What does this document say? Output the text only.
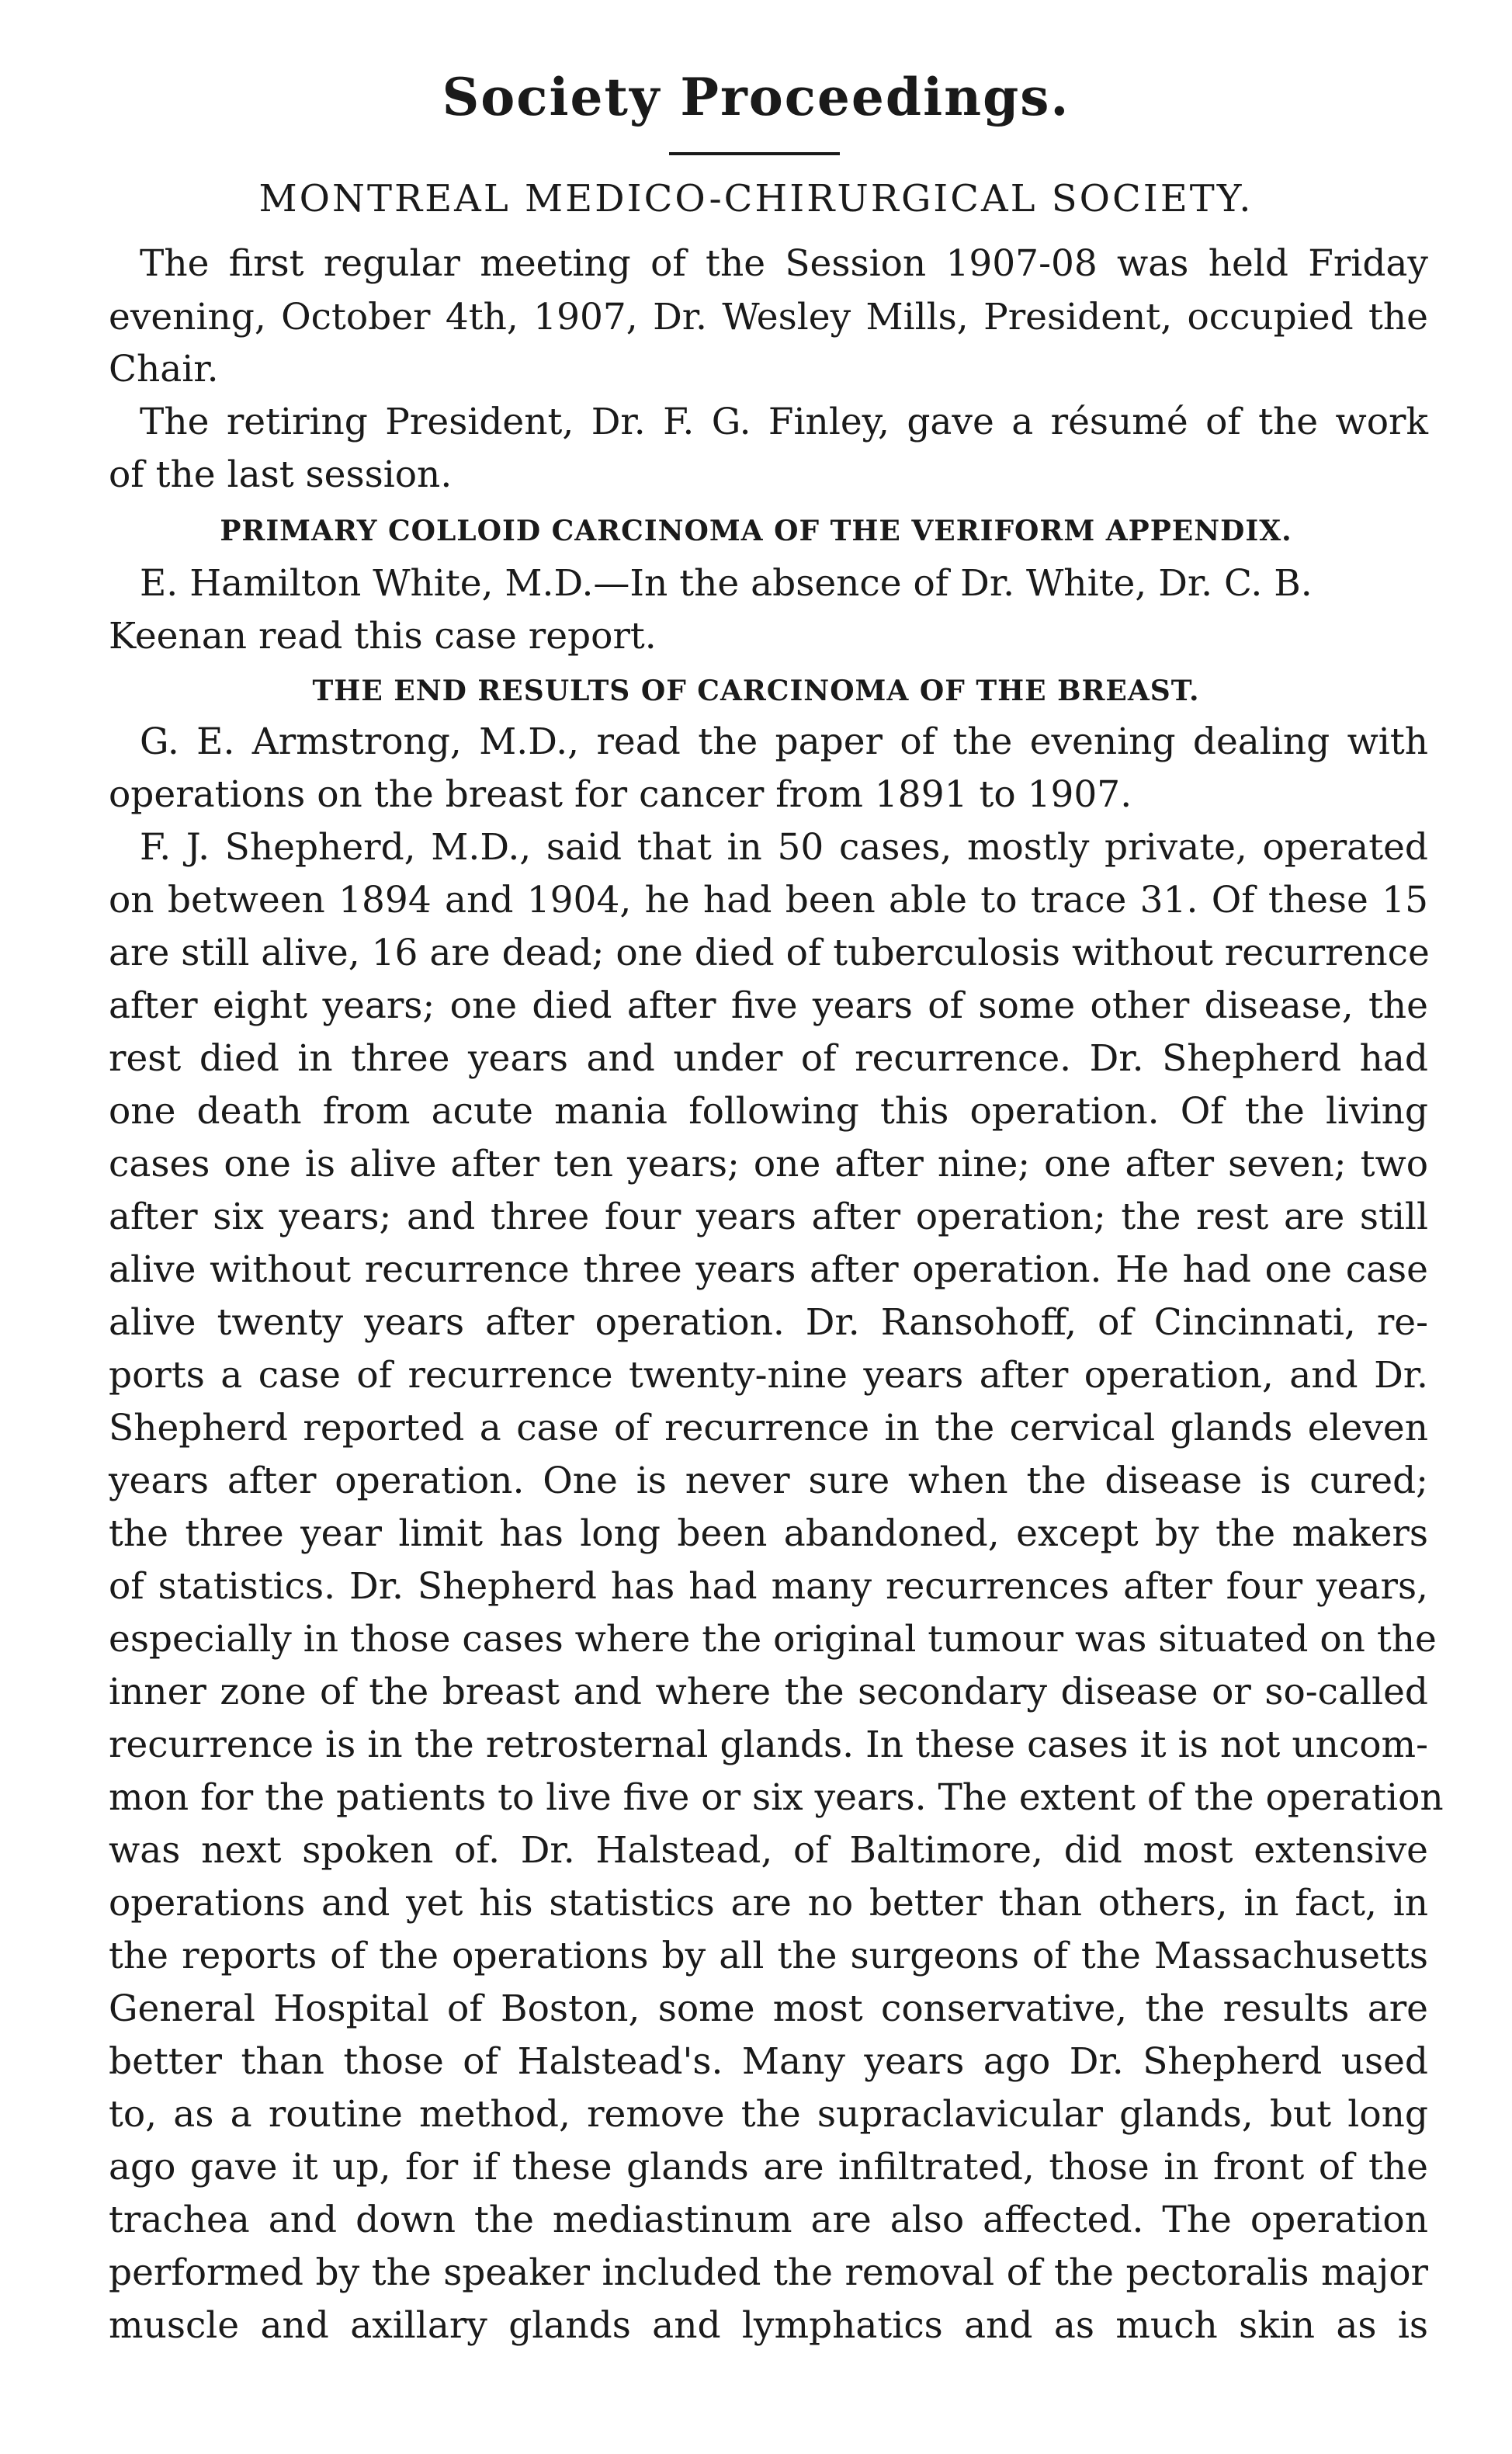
Society Proceedings.
MONTREAL MEDICO-CHIRURGICAL SOCIETY.
The first regular meeting of the Session 1907-08 was held Friday
evening, October 4th, 1907, Dr. Wesley Mills, President, occupied the
Chair.
The retiring President, Dr. F. G. Finley, gave a résumé of the work
of the last session.
PRIMARY COLLOID CARCINOMA OF THE VERIFORM APPENDIX.
E. Hamilton White, M.D.—In the absence of Dr. White, Dr. C. B.
Keenan read this case report.
THE END RESULTS OF CARCINOMA OF THE BREAST.
G. E. Armstrong, M.D., read the paper of the evening dealing with
operations on the breast for cancer from 1891 to 1907.
F. J. Shepherd, M.D., said that in 50 cases, mostly private, operated
on between 1894 and 1904, he had been able to trace 31. Of these 15
are still alive, 16 are dead; one died of tuberculosis without recurrence
after eight years; one died after five years of some other disease, the
rest died in three years and under of recurrence. Dr. Shepherd had
one death from acute mania following this operation. Of the living
cases one is alive after ten years; one after nine; one after seven; two
after six years; and three four years after operation; the rest are still
alive without recurrence three years after operation. He had one case
alive twenty years after operation. Dr. Ransohoff, of Cincinnati, re-
ports a case of recurrence twenty-nine years after operation, and Dr.
Shepherd reported a case of recurrence in the cervical glands eleven
years after operation. One is never sure when the disease is cured;
the three year limit has long been abandoned, except by the makers
of statistics. Dr. Shepherd has had many recurrences after four years,
especially in those cases where the original tumour was situated on the
inner zone of the breast and where the secondary disease or so-called
recurrence is in the retrosternal glands. In these cases it is not uncom-
mon for the patients to live five or six years. The extent of the operation
was next spoken of. Dr. Halstead, of Baltimore, did most extensive
operations and yet his statistics are no better than others, in fact, in
the reports of the operations by all the surgeons of the Massachusetts
General Hospital of Boston, some most conservative, the results are
better than those of Halstead's. Many years ago Dr. Shepherd used
to, as a routine method, remove the supraclavicular glands, but long
ago gave it up, for if these glands are infiltrated, those in front of the
trachea and down the mediastinum are also affected. The operation
performed by the speaker included the removal of the pectoralis major
muscle and axillary glands and lymphatics and as much skin as is
